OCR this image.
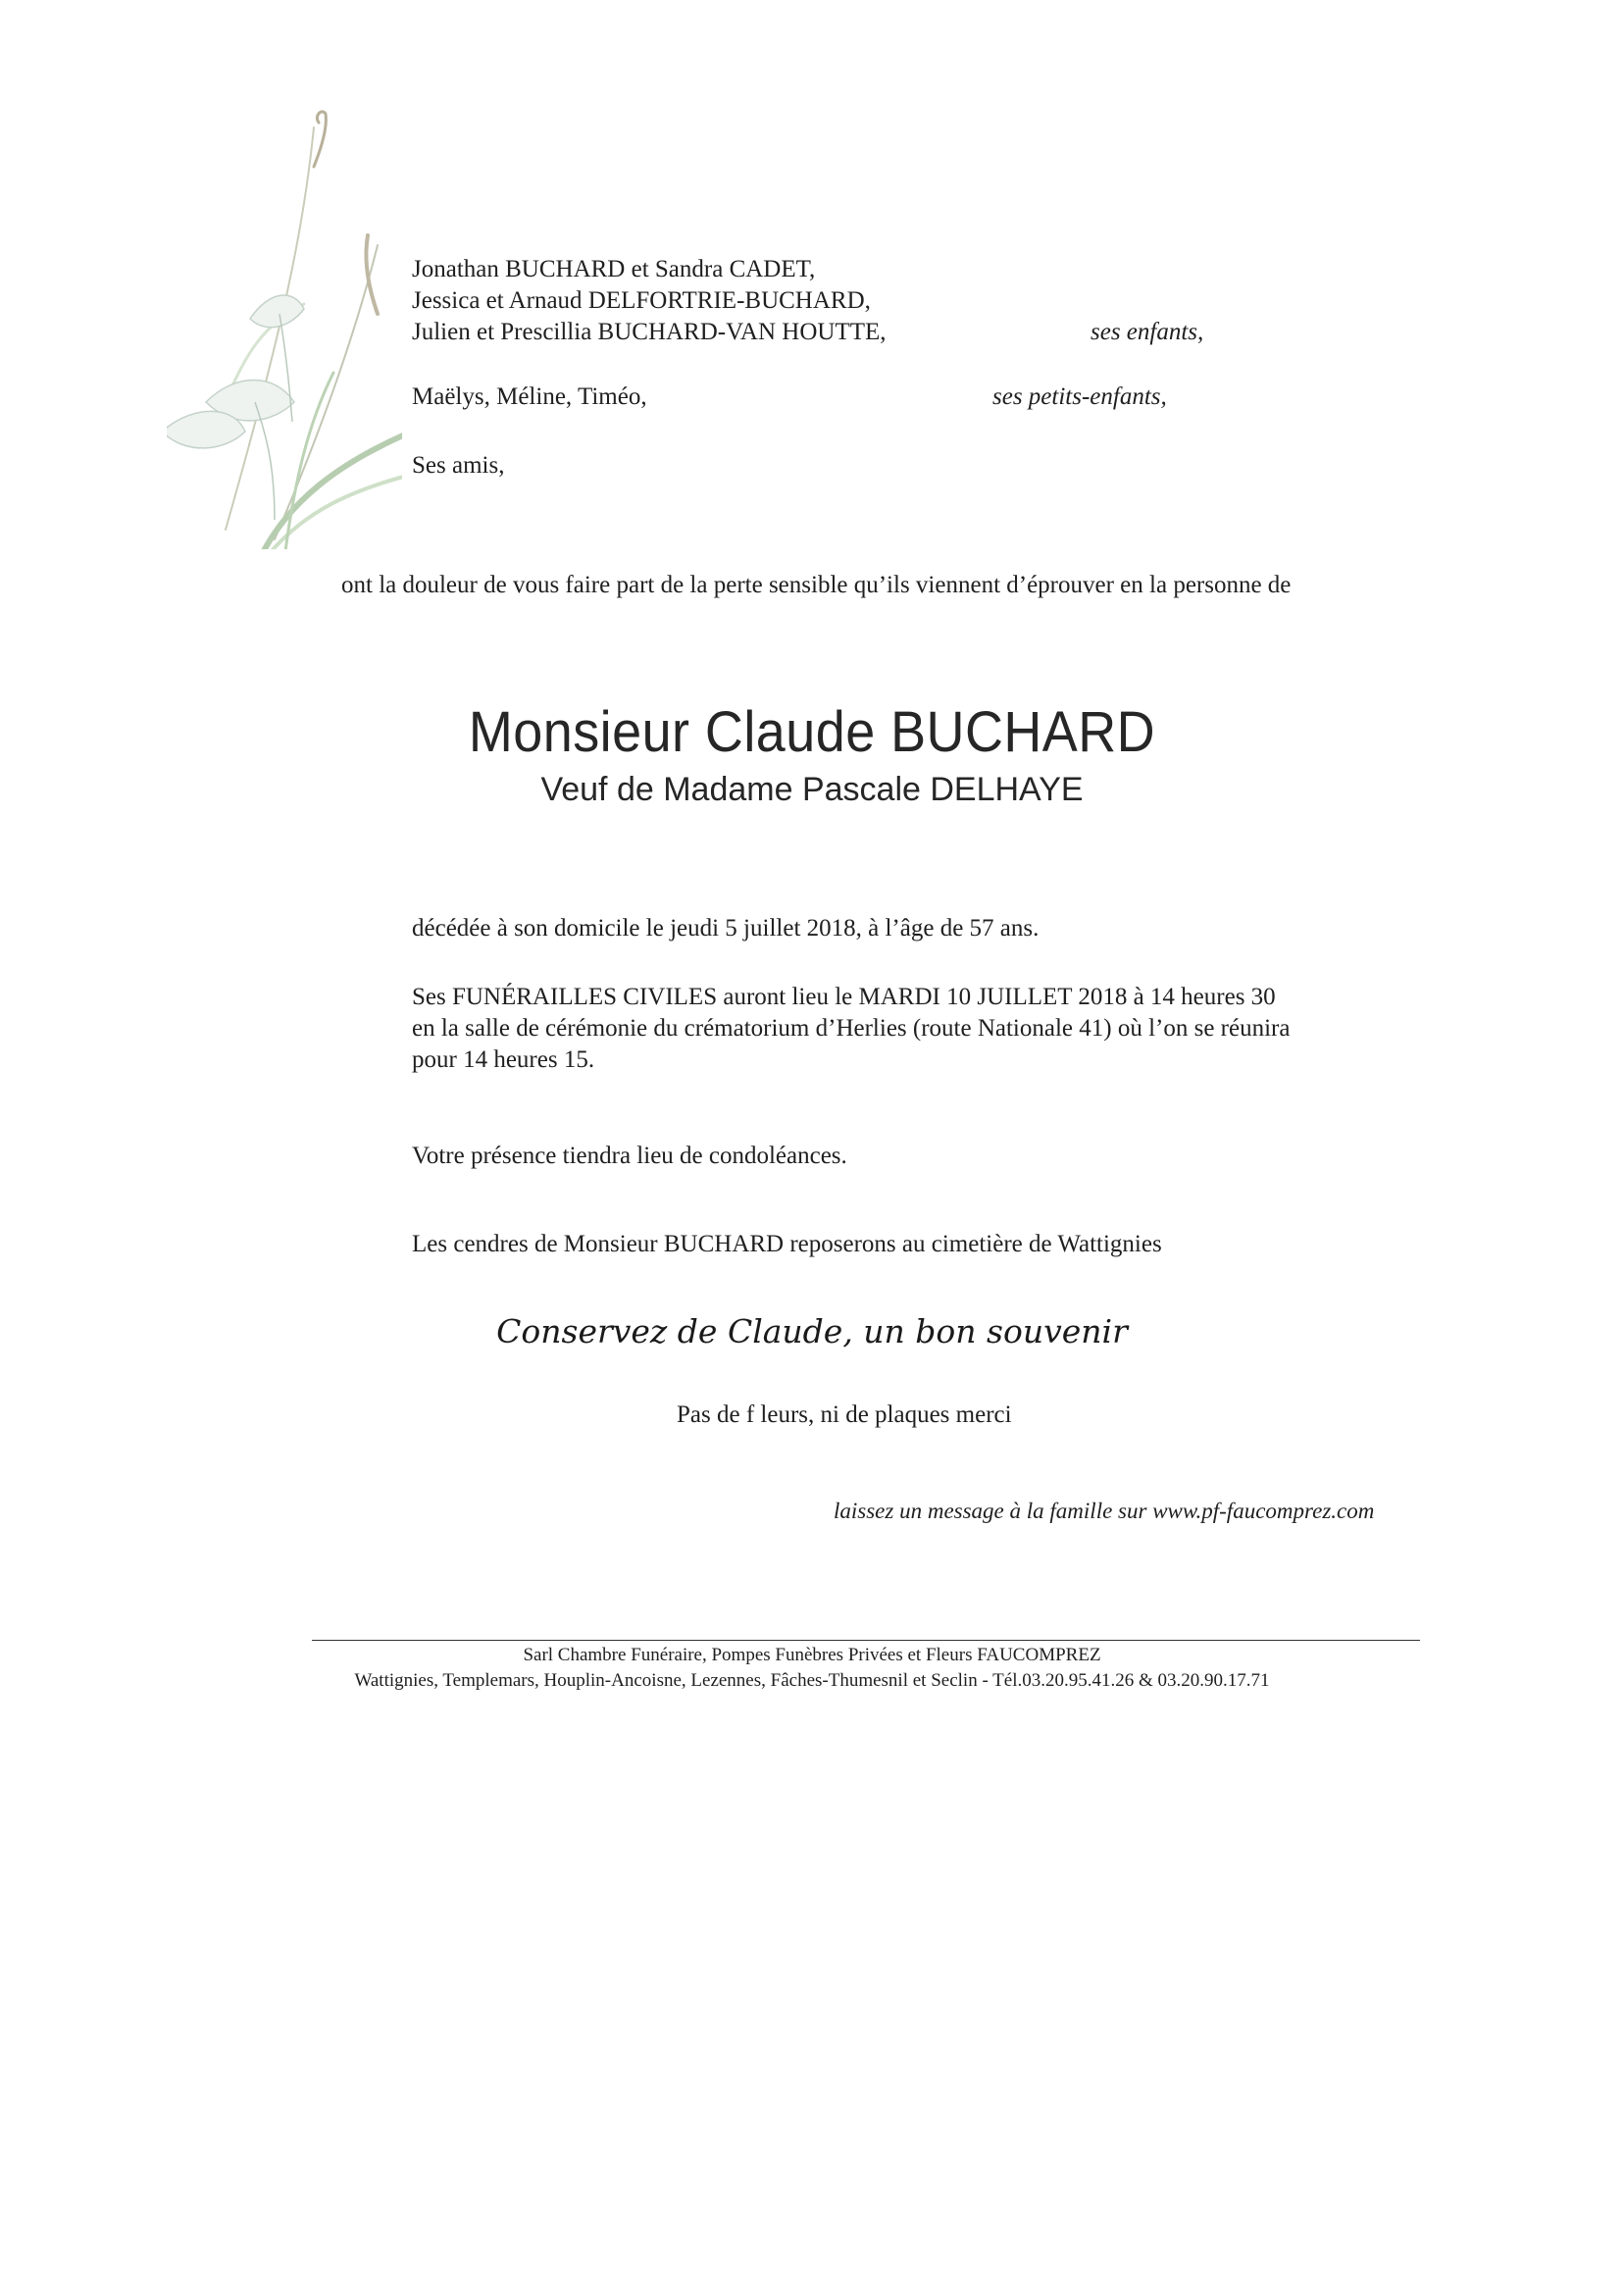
Jonathan BUCHARD et Sandra CADET,
Jessica et Arnaud DELFORTRIE-BUCHARD,
Julien et Prescillia BUCHARD-VAN HOUTTE,	ses enfants,
Maëlys, Méline, Timéo,	ses petits-enfants,
Ses amis,
ont la douleur de vous faire part de la perte sensible qu’ils viennent d’éprouver en la personne de
Monsieur Claude BUCHARD
Veuf de Madame Pascale DELHAYE
décédée à son domicile le jeudi 5 juillet 2018, à l’âge de 57 ans.
Ses FUNÉRAILLES CIVILES auront lieu le MARDI 10 JUILLET 2018 à 14 heures 30
en la salle de cérémonie du crématorium d’Herlies (route Nationale 41) où l’on se réunira
pour 14 heures 15.
Votre présence tiendra lieu de condoléances.
Les cendres de Monsieur BUCHARD reposerons au cimetière de Wattignies
Conservez de Claude, un bon souvenir
Pas de f leurs, ni de plaques merci
laissez un message à la famille sur www.pf-faucomprez.com
Sarl Chambre Funéraire, Pompes Funèbres Privées et Fleurs FAUCOMPREZ
Wattignies, Templemars, Houplin-Ancoisne, Lezennes, Fâches-Thumesnil et Seclin - Tél.03.20.95.41.26 & 03.20.90.17.71
